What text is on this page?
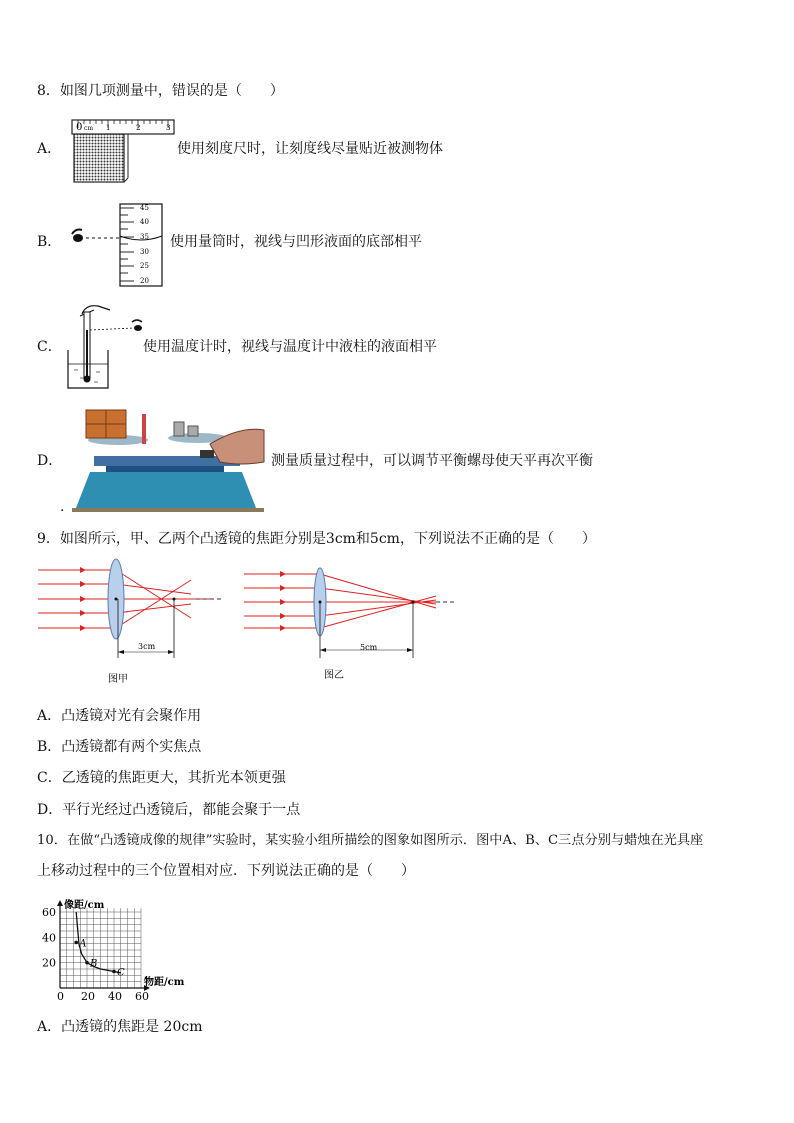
8．如图几项测量中，错误的是（　　）
A．
0 cm 1	2	3
使用刻度尺时，让刻度线尽量贴近被测物体
B．
45
40
35
30
25
20
使用量筒时，视线与凹形液面的底部相平
C．	使用温度计时，视线与温度计中液柱的液面相平
D．	测量质量过程中，可以调节平衡螺母使天平再次平衡
.
9．如图所示，甲、乙两个凸透镜的焦距分别是3cm和5cm，下列说法不正确的是（　　）
3cm
图甲
5cm
图乙
A．凸透镜对光有会聚作用
B．凸透镜都有两个实焦点
C．乙透镜的焦距更大，其折光本领更强
D．平行光经过凸透镜后，都能会聚于一点
10．在做“凸透镜成像的规律”实验时，某实验小组所描绘的图象如图所示．图中A、B、C三点分别与蜡烛在光具座
上移动过程中的三个位置相对应．下列说法正确的是（　　）
A
B
C
0 20 40 60
20
40
60
像距/cm
物距/cm
A．凸透镜的焦距是 20cm
